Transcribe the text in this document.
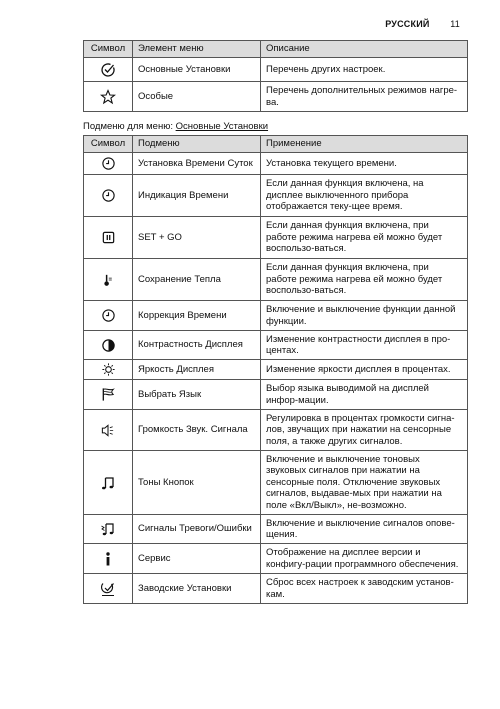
РУССКИЙ 11
Символ	Элемент меню	Описание

	Основные Установки	Перечень других настроек.

	Особые	Перечень дополнительных режимов нагре-ва.
Подменю для меню: Основные Установки
Символ	Подменю	Применение

	Установка Времени Суток	Установка текущего времени.

	Индикация Времени	Если данная функция включена, на дисплее выключенного прибора отображается теку-щее время.

	SET + GO	Если данная функция включена, при работе режима нагрева ей можно будет воспользо-ваться.

	Сохранение Тепла	Если данная функция включена, при работе режима нагрева ей можно будет воспользо-ваться.

	Коррекция Времени	Включение и выключение функции данной функции.

	Контрастность Дисплея	Изменение контрастности дисплея в про-центах.

	Яркость Дисплея	Изменение яркости дисплея в процентах.

	Выбрать Язык	Выбор языка выводимой на дисплей инфор-мации.

	Громкость Звук. Сигнала	Регулировка в процентах громкости сигна-лов, звучащих при нажатии на сенсорные поля, а также других сигналов.

	Тоны Кнопок	Включение и выключение тоновых звуковых сигналов при нажатии на сенсорные поля. Отключение звуковых сигналов, выдавае-мых при нажатии на поле «Вкл/Выкл», не-возможно.

	Сигналы Тревоги/Ошибки	Включение и выключение сигналов опове-щения.

	Сервис	Отображение на дисплее версии и конфигу-рации программного обеспечения.

	Заводские Установки	Сброс всех настроек к заводским установ-кам.
